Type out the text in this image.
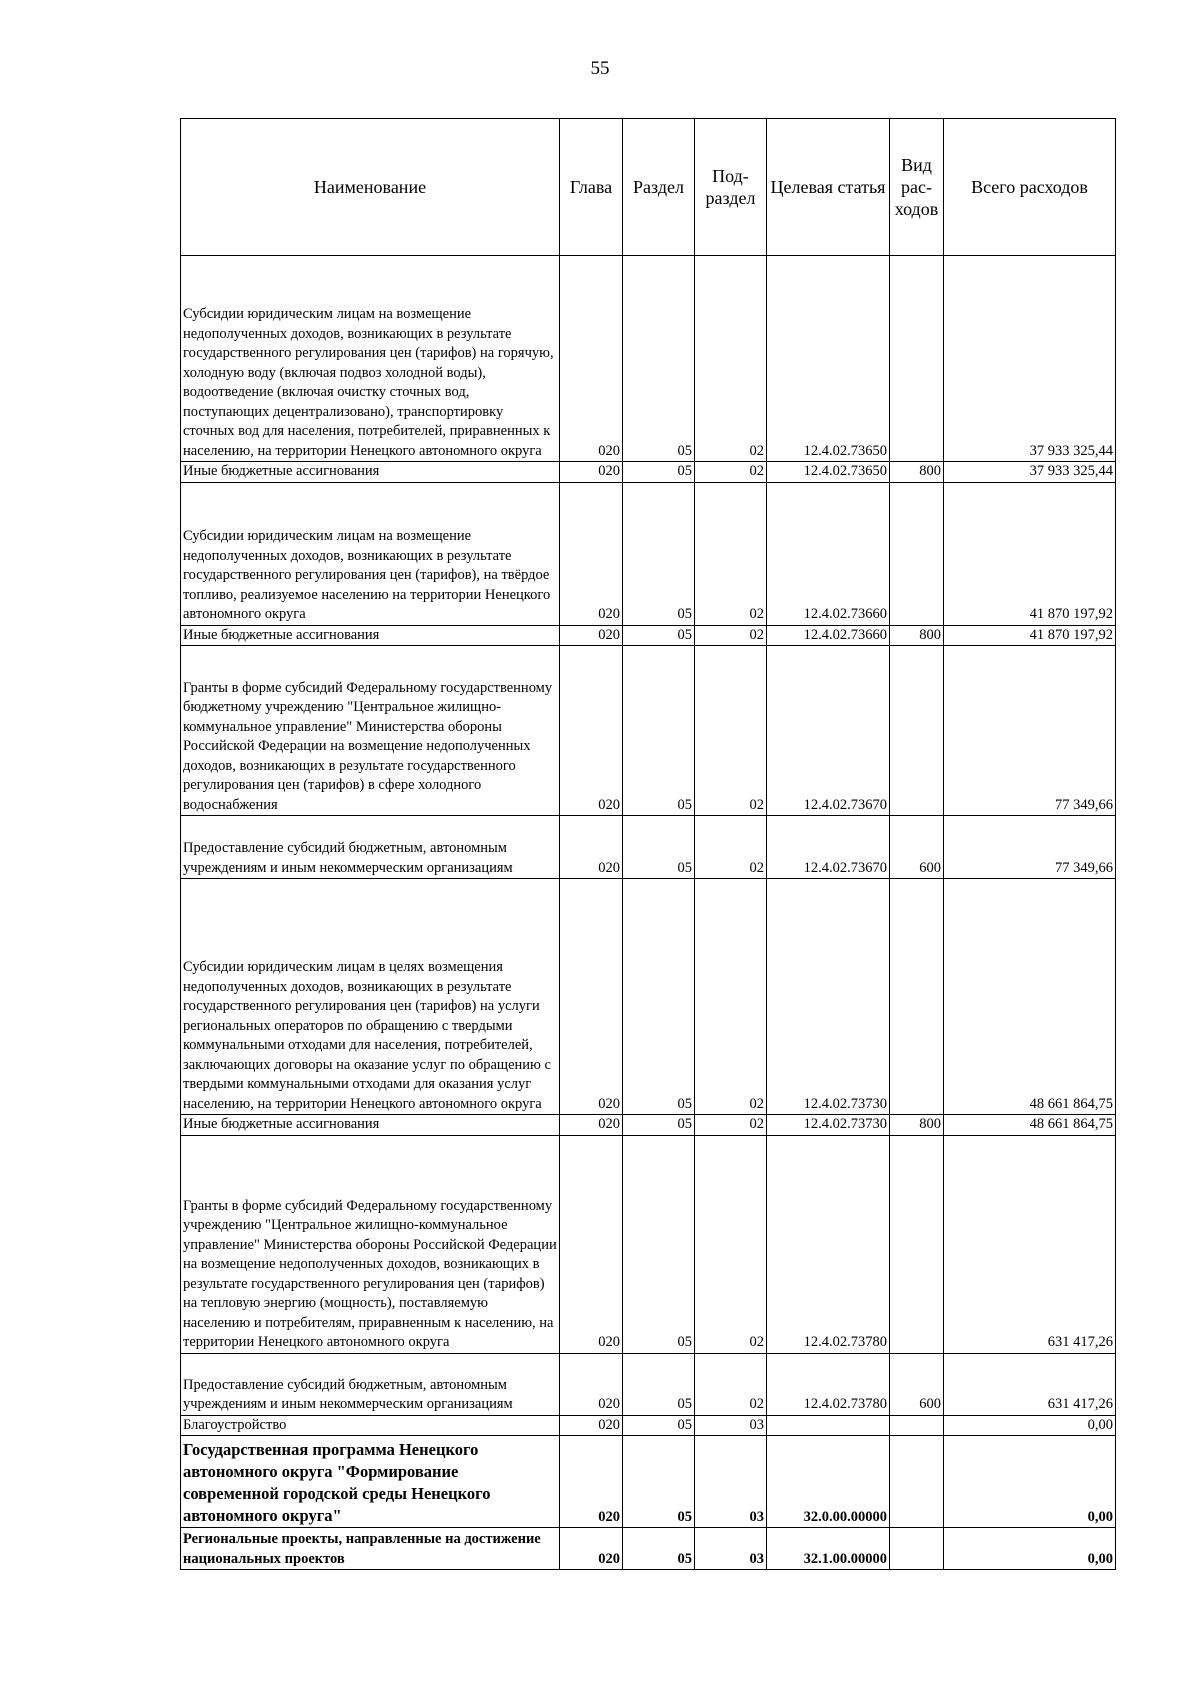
55
Наименование	Глава	Раздел	Под-раздел	Целевая статья	Вид рас-ходов	Всего расходов
Субсидии юридическим лицам на возмещение недополученных доходов, возникающих в результате государственного регулирования цен (тарифов) на горячую, холодную воду (включая подвоз холодной воды), водоотведение (включая очистку сточных вод, поступающих децентрализовано), транспортировку сточных вод для населения, потребителей, приравненных к населению, на территории Ненецкого автономного округа	020	05	02	12.4.02.73650		37 933 325,44
Иные бюджетные ассигнования	020	05	02	12.4.02.73650	800	37 933 325,44
Субсидии юридическим лицам на возмещение недополученных доходов, возникающих в результате государственного регулирования цен (тарифов), на твёрдое топливо, реализуемое населению на территории Ненецкого автономного округа	020	05	02	12.4.02.73660		41 870 197,92
Иные бюджетные ассигнования	020	05	02	12.4.02.73660	800	41 870 197,92
Гранты в форме субсидий Федеральному государственному бюджетному учреждению "Центральное жилищно-коммунальное управление" Министерства обороны Российской Федерации на возмещение недополученных доходов, возникающих в результате государственного регулирования цен (тарифов) в сфере холодного водоснабжения	020	05	02	12.4.02.73670		77 349,66
Предоставление субсидий бюджетным, автономным учреждениям и иным некоммерческим организациям	020	05	02	12.4.02.73670	600	77 349,66
Субсидии юридическим лицам в целях возмещения недополученных доходов, возникающих в результате государственного регулирования цен (тарифов) на услуги региональных операторов по обращению с твердыми коммунальными отходами для населения, потребителей, заключающих договоры на оказание услуг по обращению с твердыми коммунальными отходами для оказания услуг населению, на территории Ненецкого автономного округа	020	05	02	12.4.02.73730		48 661 864,75
Иные бюджетные ассигнования	020	05	02	12.4.02.73730	800	48 661 864,75
Гранты в форме субсидий Федеральному государственному учреждению "Центральное жилищно-коммунальное управление" Министерства обороны Российской Федерации на возмещение недополученных доходов, возникающих в результате государственного регулирования цен (тарифов) на тепловую энергию (мощность), поставляемую населению и потребителям, приравненным к населению, на территории Ненецкого автономного округа	020	05	02	12.4.02.73780		631 417,26
Предоставление субсидий бюджетным, автономным учреждениям и иным некоммерческим организациям	020	05	02	12.4.02.73780	600	631 417,26
Благоустройство	020	05	03			0,00
Государственная программа Ненецкого автономного округа "Формирование современной городской среды Ненецкого автономного округа"	020	05	03	32.0.00.00000		0,00
Региональные проекты, направленные на достижение национальных проектов	020	05	03	32.1.00.00000		0,00
